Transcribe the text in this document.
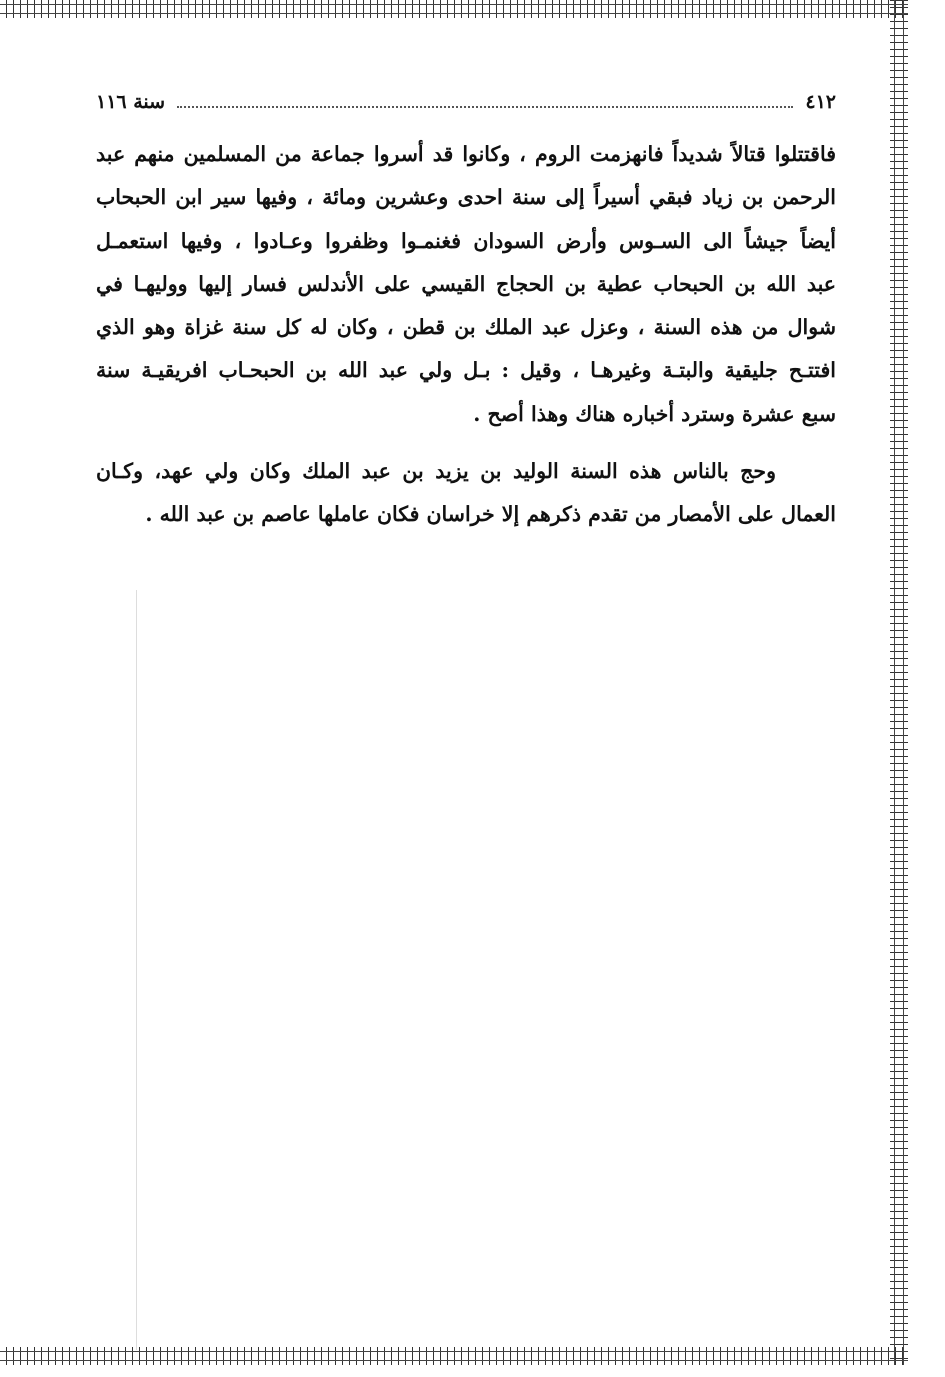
٤١٢
سنة ١١٦

فاقتتلوا قتالاً شديداً فانهزمت الروم ، وكانوا قد أسروا جماعة من المسلمين منهم عبد
الرحمن بن زياد فبقي أسيراً إلى سنة احدى وعشرين ومائة ، وفيها سير ابن الحبحاب
أيضاً جيشاً الى السـوس وأرض السودان فغنمـوا وظفروا وعـادوا ، وفيها استعمـل
عبد الله بن الحبحاب عطية بن الحجاج القيسي على الأندلس فسار إليها ووليهـا في
شوال من هذه السنة ، وعزل عبد الملك بن قطن ، وكان له كل سنة غزاة وهو الذي
افتتـح جليقية والبتـة وغيرهـا ، وقيل : بـل ولي عبد الله بن الحبحـاب افريقيـة سنة
سبع عشرة وسترد أخباره هناك وهذا أصح .

وحج بالناس هذه السنة الوليد بن يزيد بن عبد الملك وكان ولي عهد، وكـان
العمال على الأمصار من تقدم ذكرهم إلا خراسان فكان عاملها عاصم بن عبد الله .
